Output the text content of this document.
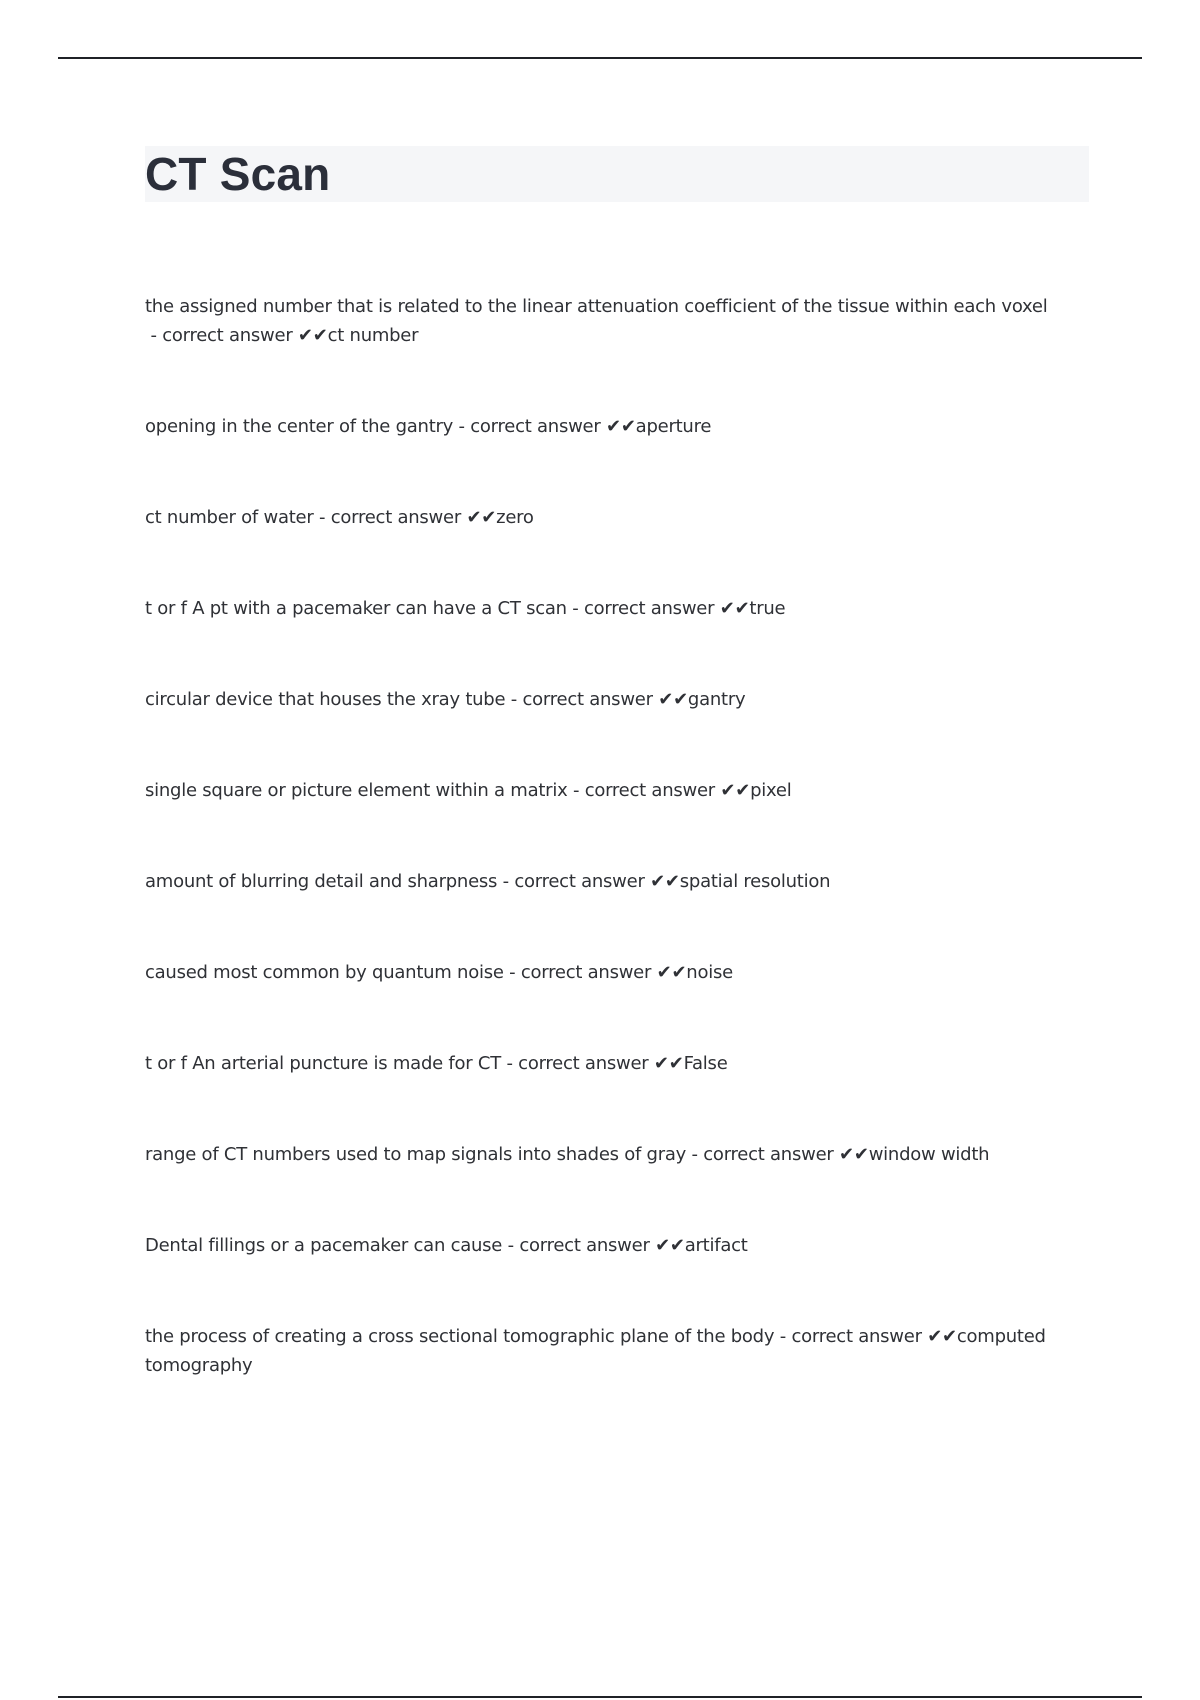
CT Scan
the assigned number that is related to the linear attenuation coefficient of the tissue within each voxel - correct answer ✔✔ct number
opening in the center of the gantry - correct answer ✔✔aperture
ct number of water - correct answer ✔✔zero
t or f A pt with a pacemaker can have a CT scan - correct answer ✔✔true
circular device that houses the xray tube - correct answer ✔✔gantry
single square or picture element within a matrix - correct answer ✔✔pixel
amount of blurring detail and sharpness - correct answer ✔✔spatial resolution
caused most common by quantum noise - correct answer ✔✔noise
t or f An arterial puncture is made for CT - correct answer ✔✔False
range of CT numbers used to map signals into shades of gray - correct answer ✔✔window width
Dental fillings or a pacemaker can cause - correct answer ✔✔artifact
the process of creating a cross sectional tomographic plane of the body - correct answer ✔✔computed tomography
